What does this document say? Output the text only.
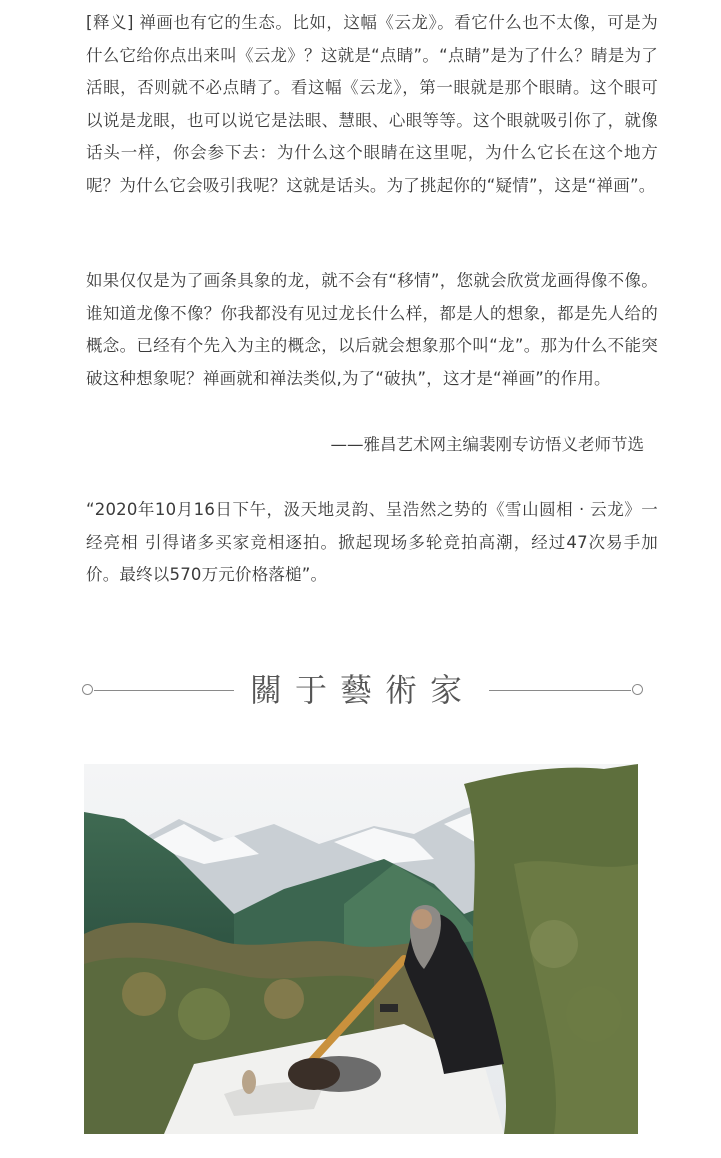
[释义] 禅画也有它的生态。比如，这幅《云龙》。看它什么也不太像，可是为什么它给你点出来叫《云龙》？这就是“点睛”。“点睛”是为了什么？睛是为了活眼，否则就不必点睛了。看这幅《云龙》，第一眼就是那个眼睛。这个眼可以说是龙眼，也可以说它是法眼、慧眼、心眼等等。这个眼就吸引你了，就像话头一样，你会参下去：为什么这个眼睛在这里呢，为什么它长在这个地方呢？为什么它会吸引我呢？这就是话头。为了挑起你的“疑情”，这是“禅画”。

如果仅仅是为了画条具象的龙，就不会有“移情”，您就会欣赏龙画得像不像。谁知道龙像不像？你我都没有见过龙长什么样，都是人的想象，都是先人给的概念。已经有个先入为主的概念，以后就会想象那个叫“龙”。那为什么不能突破这种想象呢？禅画就和禅法类似,为了“破执”，这才是“禅画”的作用。

——雅昌艺术网主编裴刚专访悟义老师节选

“2020年10月16日下午，汲天地灵韵、呈浩然之势的《雪山圆相 · 云龙》一经亮相 引得诸多买家竞相逐拍。掀起现场多轮竞拍高潮，经过47次易手加价。最终以570万元价格落槌”。

關于藝術家
